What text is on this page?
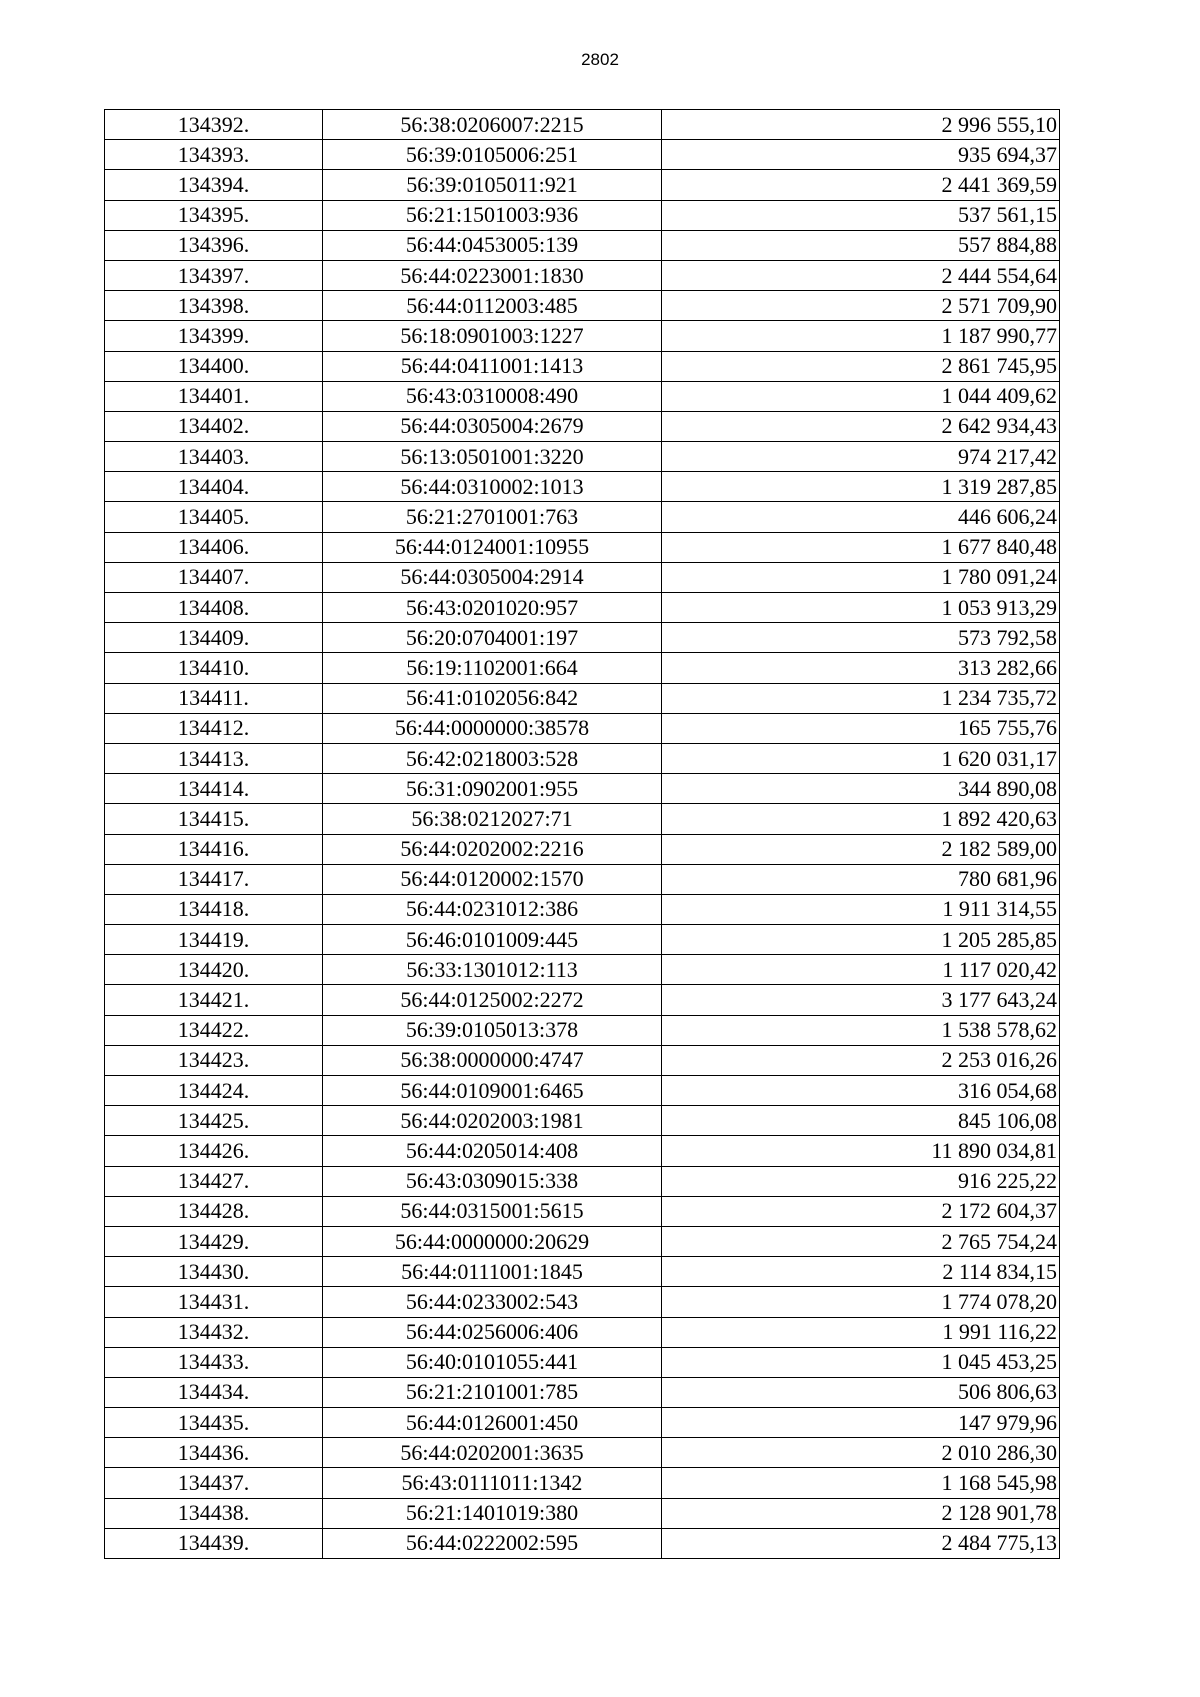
2802
134392.	56:38:0206007:2215	2 996 555,10
134393.	56:39:0105006:251	935 694,37
134394.	56:39:0105011:921	2 441 369,59
134395.	56:21:1501003:936	537 561,15
134396.	56:44:0453005:139	557 884,88
134397.	56:44:0223001:1830	2 444 554,64
134398.	56:44:0112003:485	2 571 709,90
134399.	56:18:0901003:1227	1 187 990,77
134400.	56:44:0411001:1413	2 861 745,95
134401.	56:43:0310008:490	1 044 409,62
134402.	56:44:0305004:2679	2 642 934,43
134403.	56:13:0501001:3220	974 217,42
134404.	56:44:0310002:1013	1 319 287,85
134405.	56:21:2701001:763	446 606,24
134406.	56:44:0124001:10955	1 677 840,48
134407.	56:44:0305004:2914	1 780 091,24
134408.	56:43:0201020:957	1 053 913,29
134409.	56:20:0704001:197	573 792,58
134410.	56:19:1102001:664	313 282,66
134411.	56:41:0102056:842	1 234 735,72
134412.	56:44:0000000:38578	165 755,76
134413.	56:42:0218003:528	1 620 031,17
134414.	56:31:0902001:955	344 890,08
134415.	56:38:0212027:71	1 892 420,63
134416.	56:44:0202002:2216	2 182 589,00
134417.	56:44:0120002:1570	780 681,96
134418.	56:44:0231012:386	1 911 314,55
134419.	56:46:0101009:445	1 205 285,85
134420.	56:33:1301012:113	1 117 020,42
134421.	56:44:0125002:2272	3 177 643,24
134422.	56:39:0105013:378	1 538 578,62
134423.	56:38:0000000:4747	2 253 016,26
134424.	56:44:0109001:6465	316 054,68
134425.	56:44:0202003:1981	845 106,08
134426.	56:44:0205014:408	11 890 034,81
134427.	56:43:0309015:338	916 225,22
134428.	56:44:0315001:5615	2 172 604,37
134429.	56:44:0000000:20629	2 765 754,24
134430.	56:44:0111001:1845	2 114 834,15
134431.	56:44:0233002:543	1 774 078,20
134432.	56:44:0256006:406	1 991 116,22
134433.	56:40:0101055:441	1 045 453,25
134434.	56:21:2101001:785	506 806,63
134435.	56:44:0126001:450	147 979,96
134436.	56:44:0202001:3635	2 010 286,30
134437.	56:43:0111011:1342	1 168 545,98
134438.	56:21:1401019:380	2 128 901,78
134439.	56:44:0222002:595	2 484 775,13
